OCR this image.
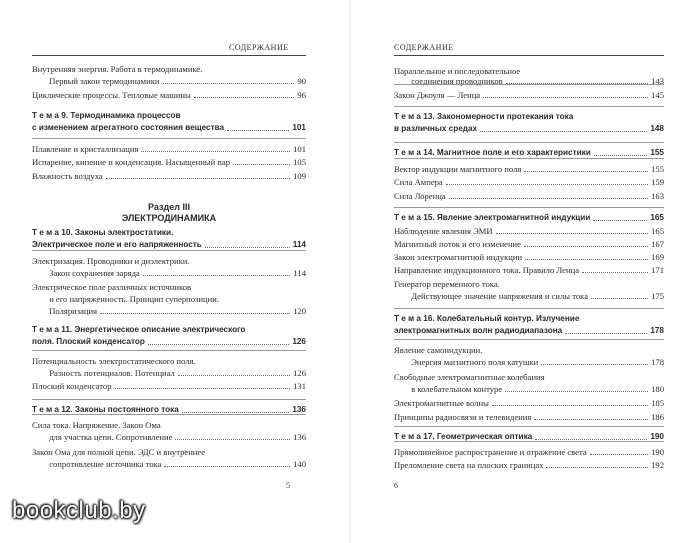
СОДЕРЖАНИЕ
Внутренняя энергия. Работа в термодинамике.
  Первый закон термодинамики	90
Циклические процессы. Тепловые машины	96
Т е м а 9. Термодинамика процессов
с изменением агрегатного состояния вещества	101
Плавление и кристаллизация	101
Испарение, кипение и конденсация. Насыщенный пар	105
Влажность воздуха	109
Раздел III
ЭЛЕКТРОДИНАМИКА
Т е м а 10. Законы электростатики.
Электрическое поле и его напряженность	114
Электризация. Проводники и диэлектрики.
  Закон сохранения заряда	114
Электрическое поле различных источников
  и его напряженность. Принцип суперпозиции.
  Поляризация	120
Т е м а 11. Энергетическое описание электрического
поля. Плоский конденсатор	126
Потенциальность электростатического поля.
  Разность потенциалов. Потенциал	126
Плоский конденсатор	131
Т е м а 12. Законы постоянного тока	136
Сила тока. Напряжение. Закон Ома
  для участка цепи. Сопротивление	136
Закон Ома для полной цепи. ЭДС и внутреннее
  сопротивление источника тока	140
5
СОДЕРЖАНИЕ
Параллельное и последовательное
  соединения проводников	143
Закон Джоуля — Ленца	145
Т е м а 13. Закономерности протекания тока
в различных средах	148
Т е м а 14. Магнитное поле и его характеристики	155
Вектор индукции магнитного поля	155
Сила Ампера	159
Сила Лоренца	163
Т е м а 15. Явление электромагнитной индукции	165
Наблюдение явления ЭМИ	165
Магнитный поток и его изменение	167
Закон электромагнитной индукции	169
Направление индукционного тока. Правило Ленца	171
Генератор переменного тока.
  Действующее значение напряжения и силы тока	175
Т е м а 16. Колебательный контур. Излучение
электромагнитных волн радиодиапазона	178
Явление самоиндукции.
  Энергия магнитного поля катушки	178
Свободные электромагнитные колебания
  в колебательном контуре	180
Электромагнитные волны	185
Принципы радиосвязи и телевидения	186
Т е м а 17. Геометрическая оптика	190
Прямолинейное распространение и отражение света	190
Преломление света на плоских границах	192
6
bookclub.by
